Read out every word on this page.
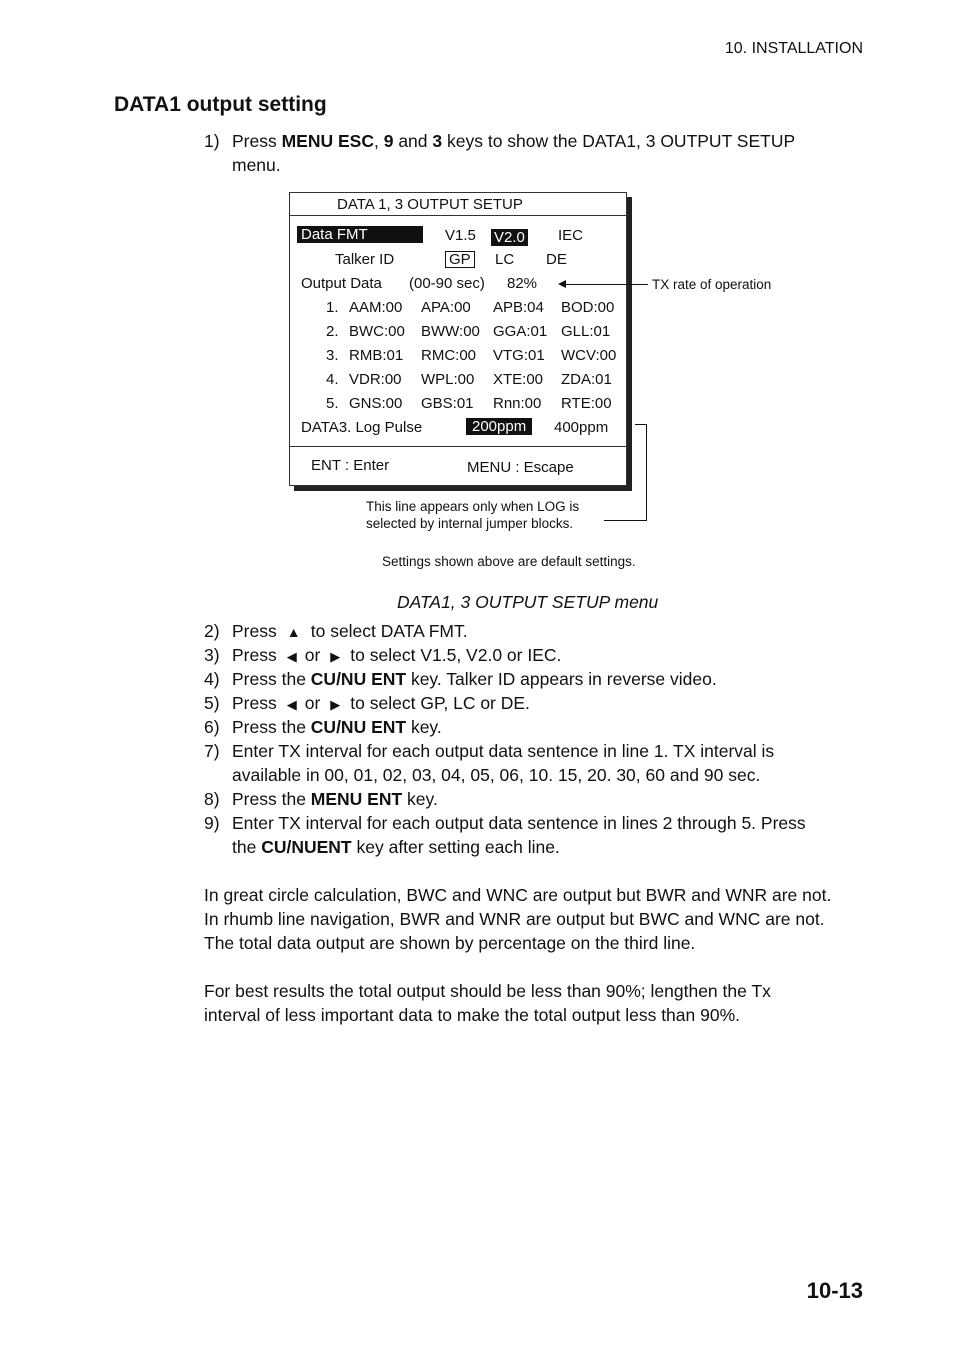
10. INSTALLATION
DATA1 output setting
1) Press MENU ESC, 9 and 3 keys to show the DATA1, 3 OUTPUT SETUP
menu.
DATA 1, 3 OUTPUT SETUP
Data FMT	V1.5 V2.0 IEC
Talker ID	GP LC DE
Output Data (00-90 sec) 82%
1. AAM:00 APA:00 APB:04 BOD:00
2. BWC:00 BWW:00 GGA:01 GLL:01
3. RMB:01 RMC:00 VTG:01 WCV:00
4. VDR:00 WPL:00 XTE:00 ZDA:01
5. GNS:00 GBS:01 Rnn:00 RTE:00
DATA3. Log Pulse	200ppm	400ppm
ENT : Enter	MENU : Escape
TX rate of operation
This line appears only when LOG is
selected by internal jumper blocks.
Settings shown above are default settings.
DATA1, 3 OUTPUT SETUP menu
2) Press ▲ to select DATA FMT.
3) Press ◀ or ▶ to select V1.5, V2.0 or IEC.
4) Press the CU/NU ENT key. Talker ID appears in reverse video.
5) Press ◀ or ▶ to select GP, LC or DE.
6) Press the CU/NU ENT key.
7) Enter TX interval for each output data sentence in line 1. TX interval is
available in 00, 01, 02, 03, 04, 05, 06, 10. 15, 20. 30, 60 and 90 sec.
8) Press the MENU ENT key.
9) Enter TX interval for each output data sentence in lines 2 through 5. Press
the CU/NUENT key after setting each line.
In great circle calculation, BWC and WNC are output but BWR and WNR are not.
In rhumb line navigation, BWR and WNR are output but BWC and WNC are not.
The total data output are shown by percentage on the third line.
For best results the total output should be less than 90%; lengthen the Tx
interval of less important data to make the total output less than 90%.
10-13
